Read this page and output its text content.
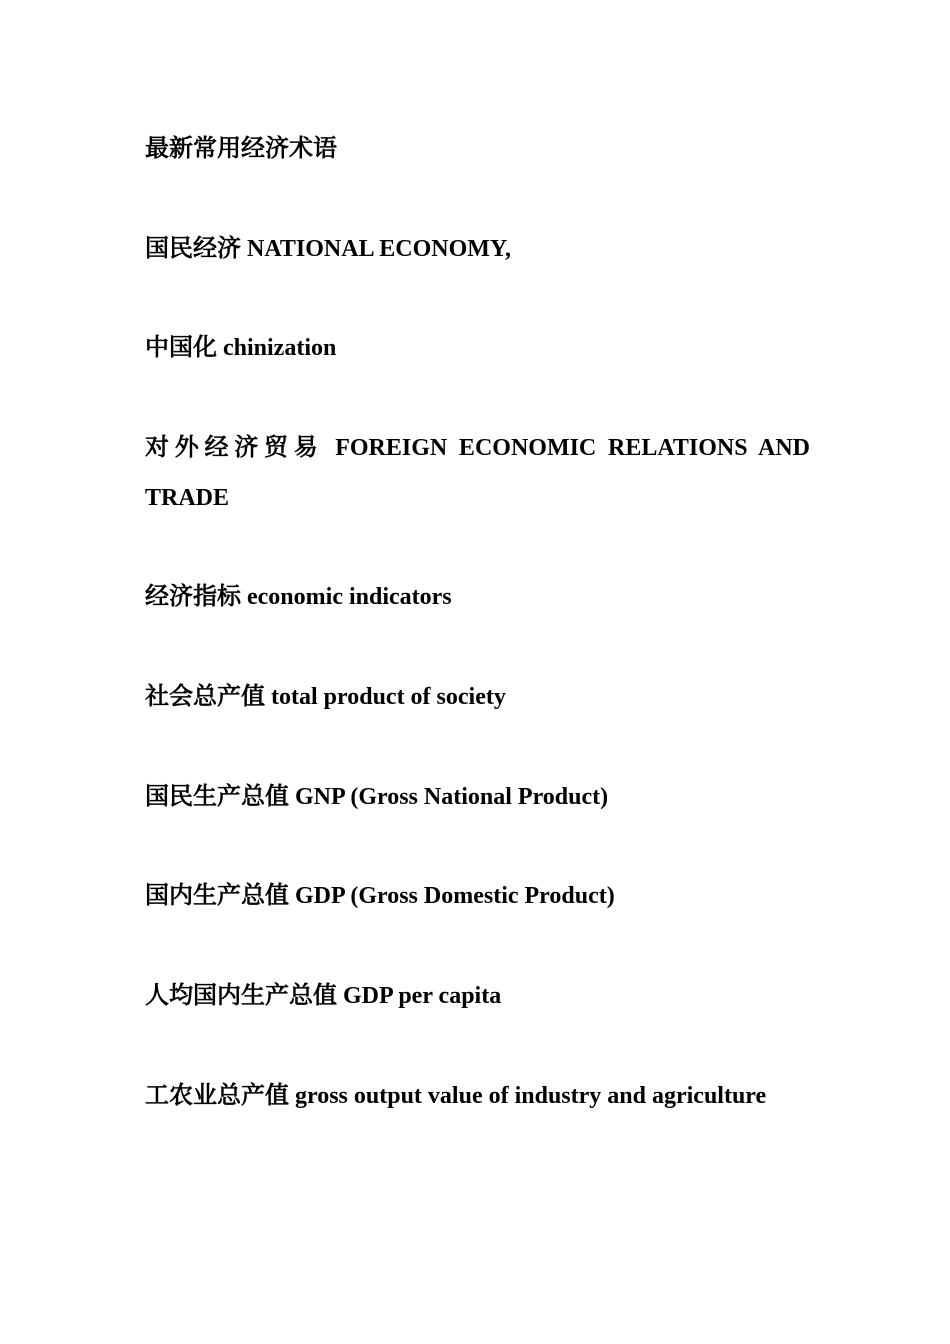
最新常用经济术语
国民经济 NATIONAL ECONOMY,
中国化 chinization
对外经济贸易 FOREIGN ECONOMIC RELATIONS AND TRADE
经济指标 economic indicators
社会总产值 total product of society
国民生产总值 GNP (Gross National Product)
国内生产总值 GDP (Gross Domestic Product)
人均国内生产总值 GDP per capita
工农业总产值 gross output value of industry and agriculture
